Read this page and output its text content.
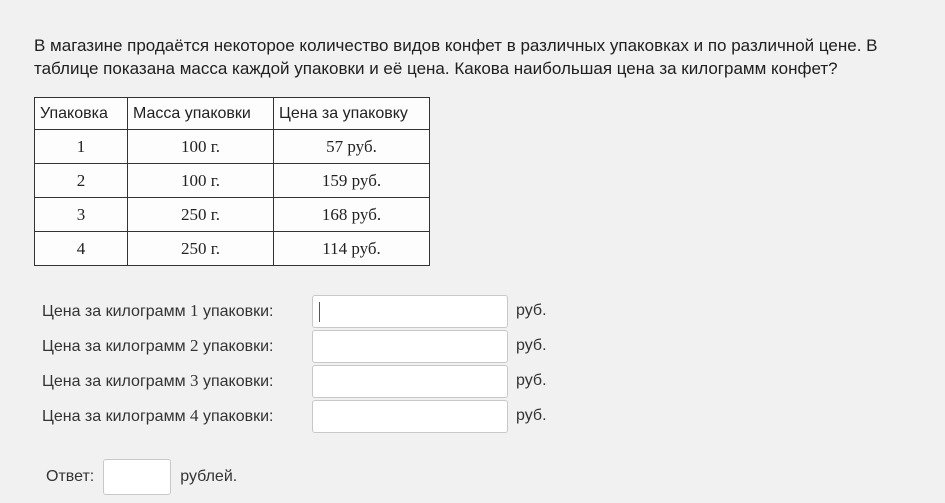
В магазине продаётся некоторое количество видов конфет в различных упаковках и по различной цене. В таблице показана масса каждой упаковки и её цена. Какова наибольшая цена за килограмм конфет?
Упаковка	Масса упаковки	Цена за упаковку
1	100 г.	57 руб.
2	100 г.	159 руб.
3	250 г.	168 руб.
4	250 г.	114 руб.
Цена за килограмм 1 упаковки:	руб.
Цена за килограмм 2 упаковки:	руб.
Цена за килограмм 3 упаковки:	руб.
Цена за килограмм 4 упаковки:	руб.
Ответ:	рублей.
